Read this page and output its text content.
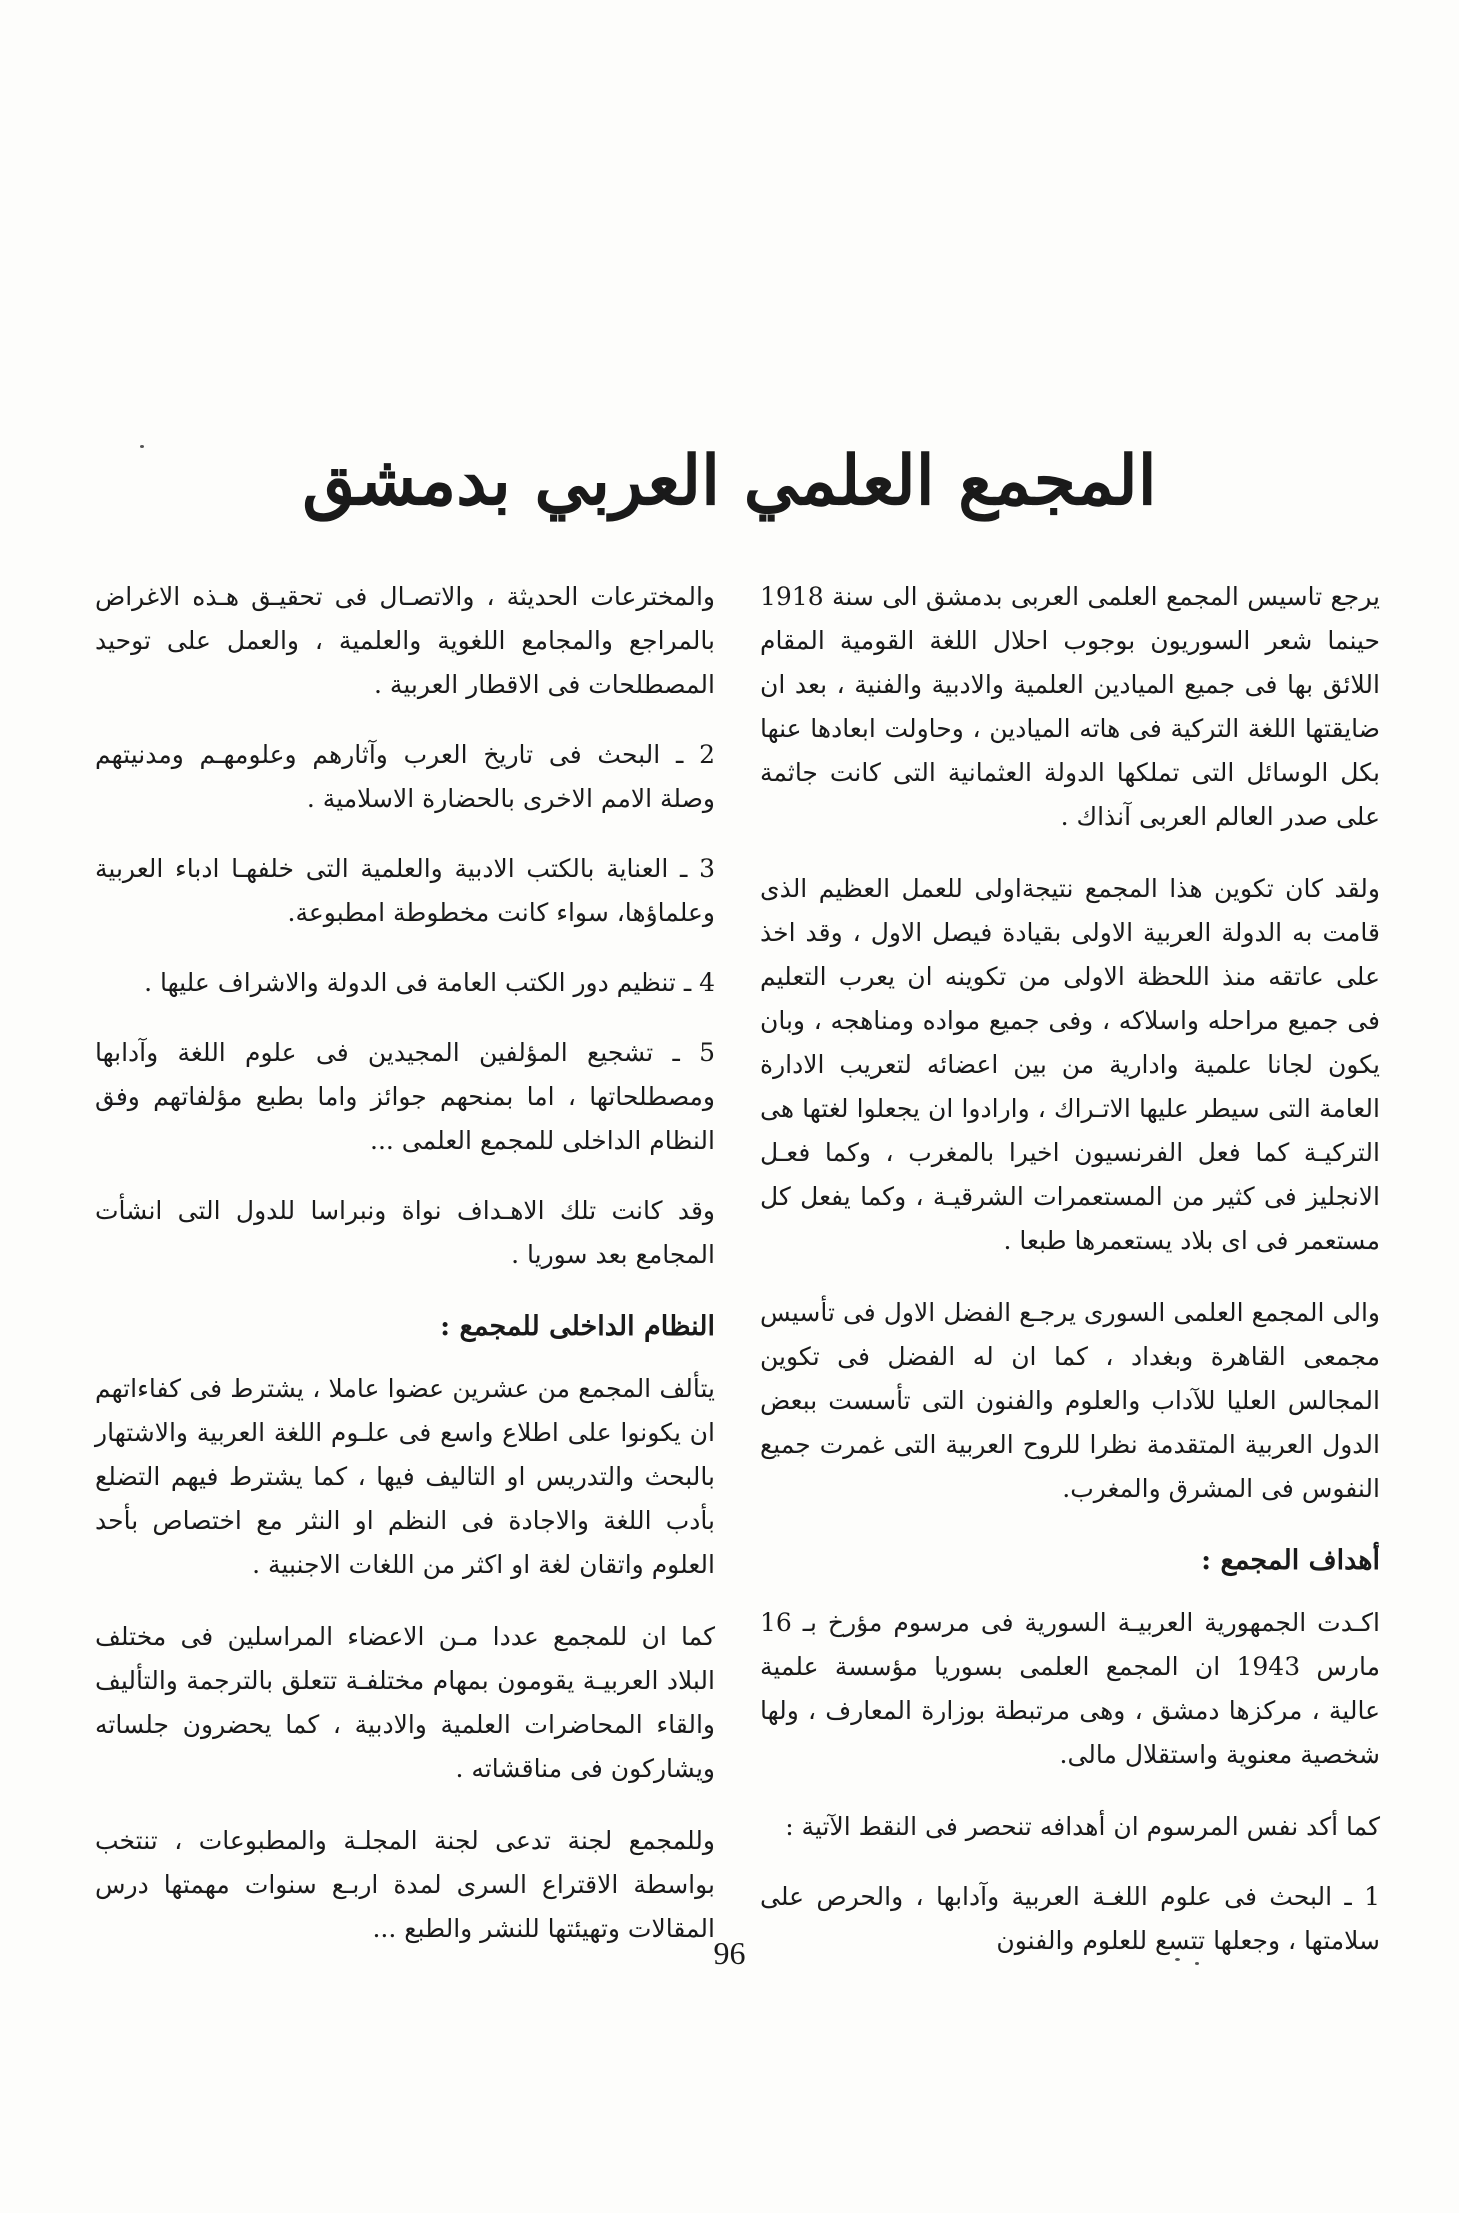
المجمع العلمي العربي بدمشق

يرجع تاسيس المجمع العلمى العربى بدمشق الى سنة 1918 حينما شعر السوريون بوجوب احلال اللغة القومية المقام اللائق بها فى جميع الميادين العلمية والادبية والفنية ، بعد ان ضايقتها اللغة التركية فى هاته الميادين ، وحاولت ابعادها عنها بكل الوسائل التى تملكها الدولة العثمانية التى كانت جاثمة على صدر العالم العربى آنذاك .

ولقد كان تكوين هذا المجمع نتيجةاولى للعمل العظيم الذى قامت به الدولة العربية الاولى بقيادة فيصل الاول ، وقد اخذ على عاتقه منذ اللحظة الاولى من تكوينه ان يعرب التعليم فى جميع مراحله واسلاكه ، وفى جميع مواده ومناهجه ، وبان يكون لجانا علمية وادارية من بين اعضائه لتعريب الادارة العامة التى سيطر عليها الاتـراك ، وارادوا ان يجعلوا لغتها هى التركيـة كما فعل الفرنسيون اخيرا بالمغرب ، وكما فعـل الانجليز فى كثير من المستعمرات الشرقيـة ، وكما يفعل كل مستعمر فى اى بلاد يستعمرها طبعا .

والى المجمع العلمى السورى يرجـع الفضل الاول فى تأسيس مجمعى القاهرة وبغداد ، كما ان له الفضل فى تكوين المجالس العليا للآداب والعلوم والفنون التى تأسست ببعض الدول العربية المتقدمة نظرا للروح العربية التى غمرت جميع النفوس فى المشرق والمغرب.

أهداف المجمع :

اكـدت الجمهورية العربيـة السورية فى مرسوم مؤرخ بـ 16 مارس 1943 ان المجمع العلمى بسوريا مؤسسة علمية عالية ، مركزها دمشق ، وهى مرتبطة بوزارة المعارف ، ولها شخصية معنوية واستقلال مالى.

كما أكد نفس المرسوم ان أهدافه تنحصر فى النقط الآتية :

1 ـ البحث فى علوم اللغـة العربية وآدابها ، والحرص على سلامتها ، وجعلها تتسع للعلوم والفنون

والمخترعات الحديثة ، والاتصـال فى تحقيـق هـذه الاغراض بالمراجع والمجامع اللغوية والعلمية ، والعمل على توحيد المصطلحات فى الاقطار العربية .

2 ـ البحث فى تاريخ العرب وآثارهم وعلومهـم ومدنيتهم وصلة الامم الاخرى بالحضارة الاسلامية .

3 ـ العناية بالكتب الادبية والعلمية التى خلفهـا ادباء العربية وعلماؤها، سواء كانت مخطوطة امطبوعة.

4 ـ تنظيم دور الكتب العامة فى الدولة والاشراف عليها .

5 ـ تشجيع المؤلفين المجيدين فى علوم اللغة وآدابها ومصطلحاتها ، اما بمنحهم جوائز واما بطبع مؤلفاتهم وفق النظام الداخلى للمجمع العلمى ...

وقد كانت تلك الاهـداف نواة ونبراسا للدول التى انشأت المجامع بعد سوريا .

النظام الداخلى للمجمع :

يتألف المجمع من عشرين عضوا عاملا ، يشترط فى كفاءاتهم ان يكونوا على اطلاع واسع فى علـوم اللغة العربية والاشتهار بالبحث والتدريس او التاليف فيها ، كما يشترط فيهم التضلع بأدب اللغة والاجادة فى النظم او النثر مع اختصاص بأحد العلوم واتقان لغة او اكثر من اللغات الاجنبية .

كما ان للمجمع عددا مـن الاعضاء المراسلين فى مختلف البلاد العربيـة يقومون بمهام مختلفـة تتعلق بالترجمة والتأليف والقاء المحاضرات العلمية والادبية ، كما يحضرون جلساته ويشاركون فى مناقشاته .

وللمجمع لجنة تدعى لجنة المجلـة والمطبوعات ، تنتخب بواسطة الاقتراع السرى لمدة اربـع سنوات مهمتها درس المقالات وتهيئتها للنشر والطبع ...

96
